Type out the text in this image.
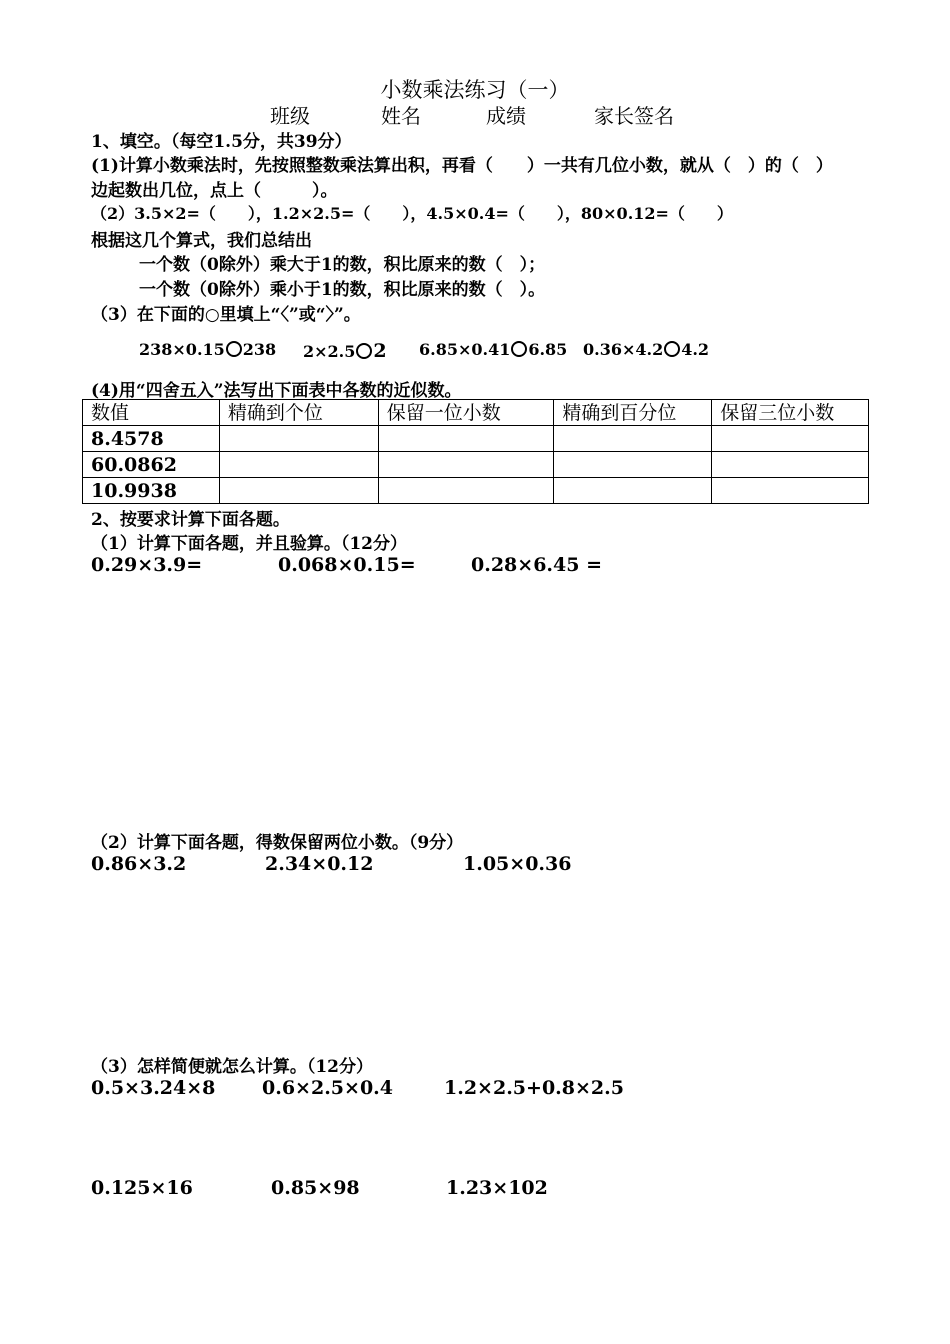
小数乘法练习（一）
班级	姓名	成绩	家长签名
1、填空。（每空1.5分，共39分）
(1)计算小数乘法时，先按照整数乘法算出积，再看（　　）一共有几位小数，就从（　）的（　）
边起数出几位，点上（　　　）。
（2）3.5×2=（　　），1.2×2.5=（　　），4.5×0.4=（　　），80×0.12=（　　）
根据这几个算式，我们总结出
一个数（0除外）乘大于1的数，积比原来的数（　）；
一个数（0除外）乘小于1的数，积比原来的数（　）。
（3）在下面的○里填上“〈”或“〉”。
238×0.15 238 2×2.5 2 6.85×0.41 6.85 0.36×4.2 4.2
(4)用“四舍五入”法写出下面表中各数的近似数。
数值	精确到个位	保留一位小数	精确到百分位	保留三位小数
8.4578				
60.0862				
10.9938				
2、按要求计算下面各题。
（1）计算下面各题，并且验算。（12分）
0.29×3.9=	0.068×0.15=	0.28×6.45 =
（2）计算下面各题，得数保留两位小数。（9分）
0.86×3.2	2.34×0.12	1.05×0.36
（3）怎样简便就怎么计算。（12分）
0.5×3.24×8 0.6×2.5×0.4	1.2×2.5+0.8×2.5
0.125×16	0.85×98	1.23×102
